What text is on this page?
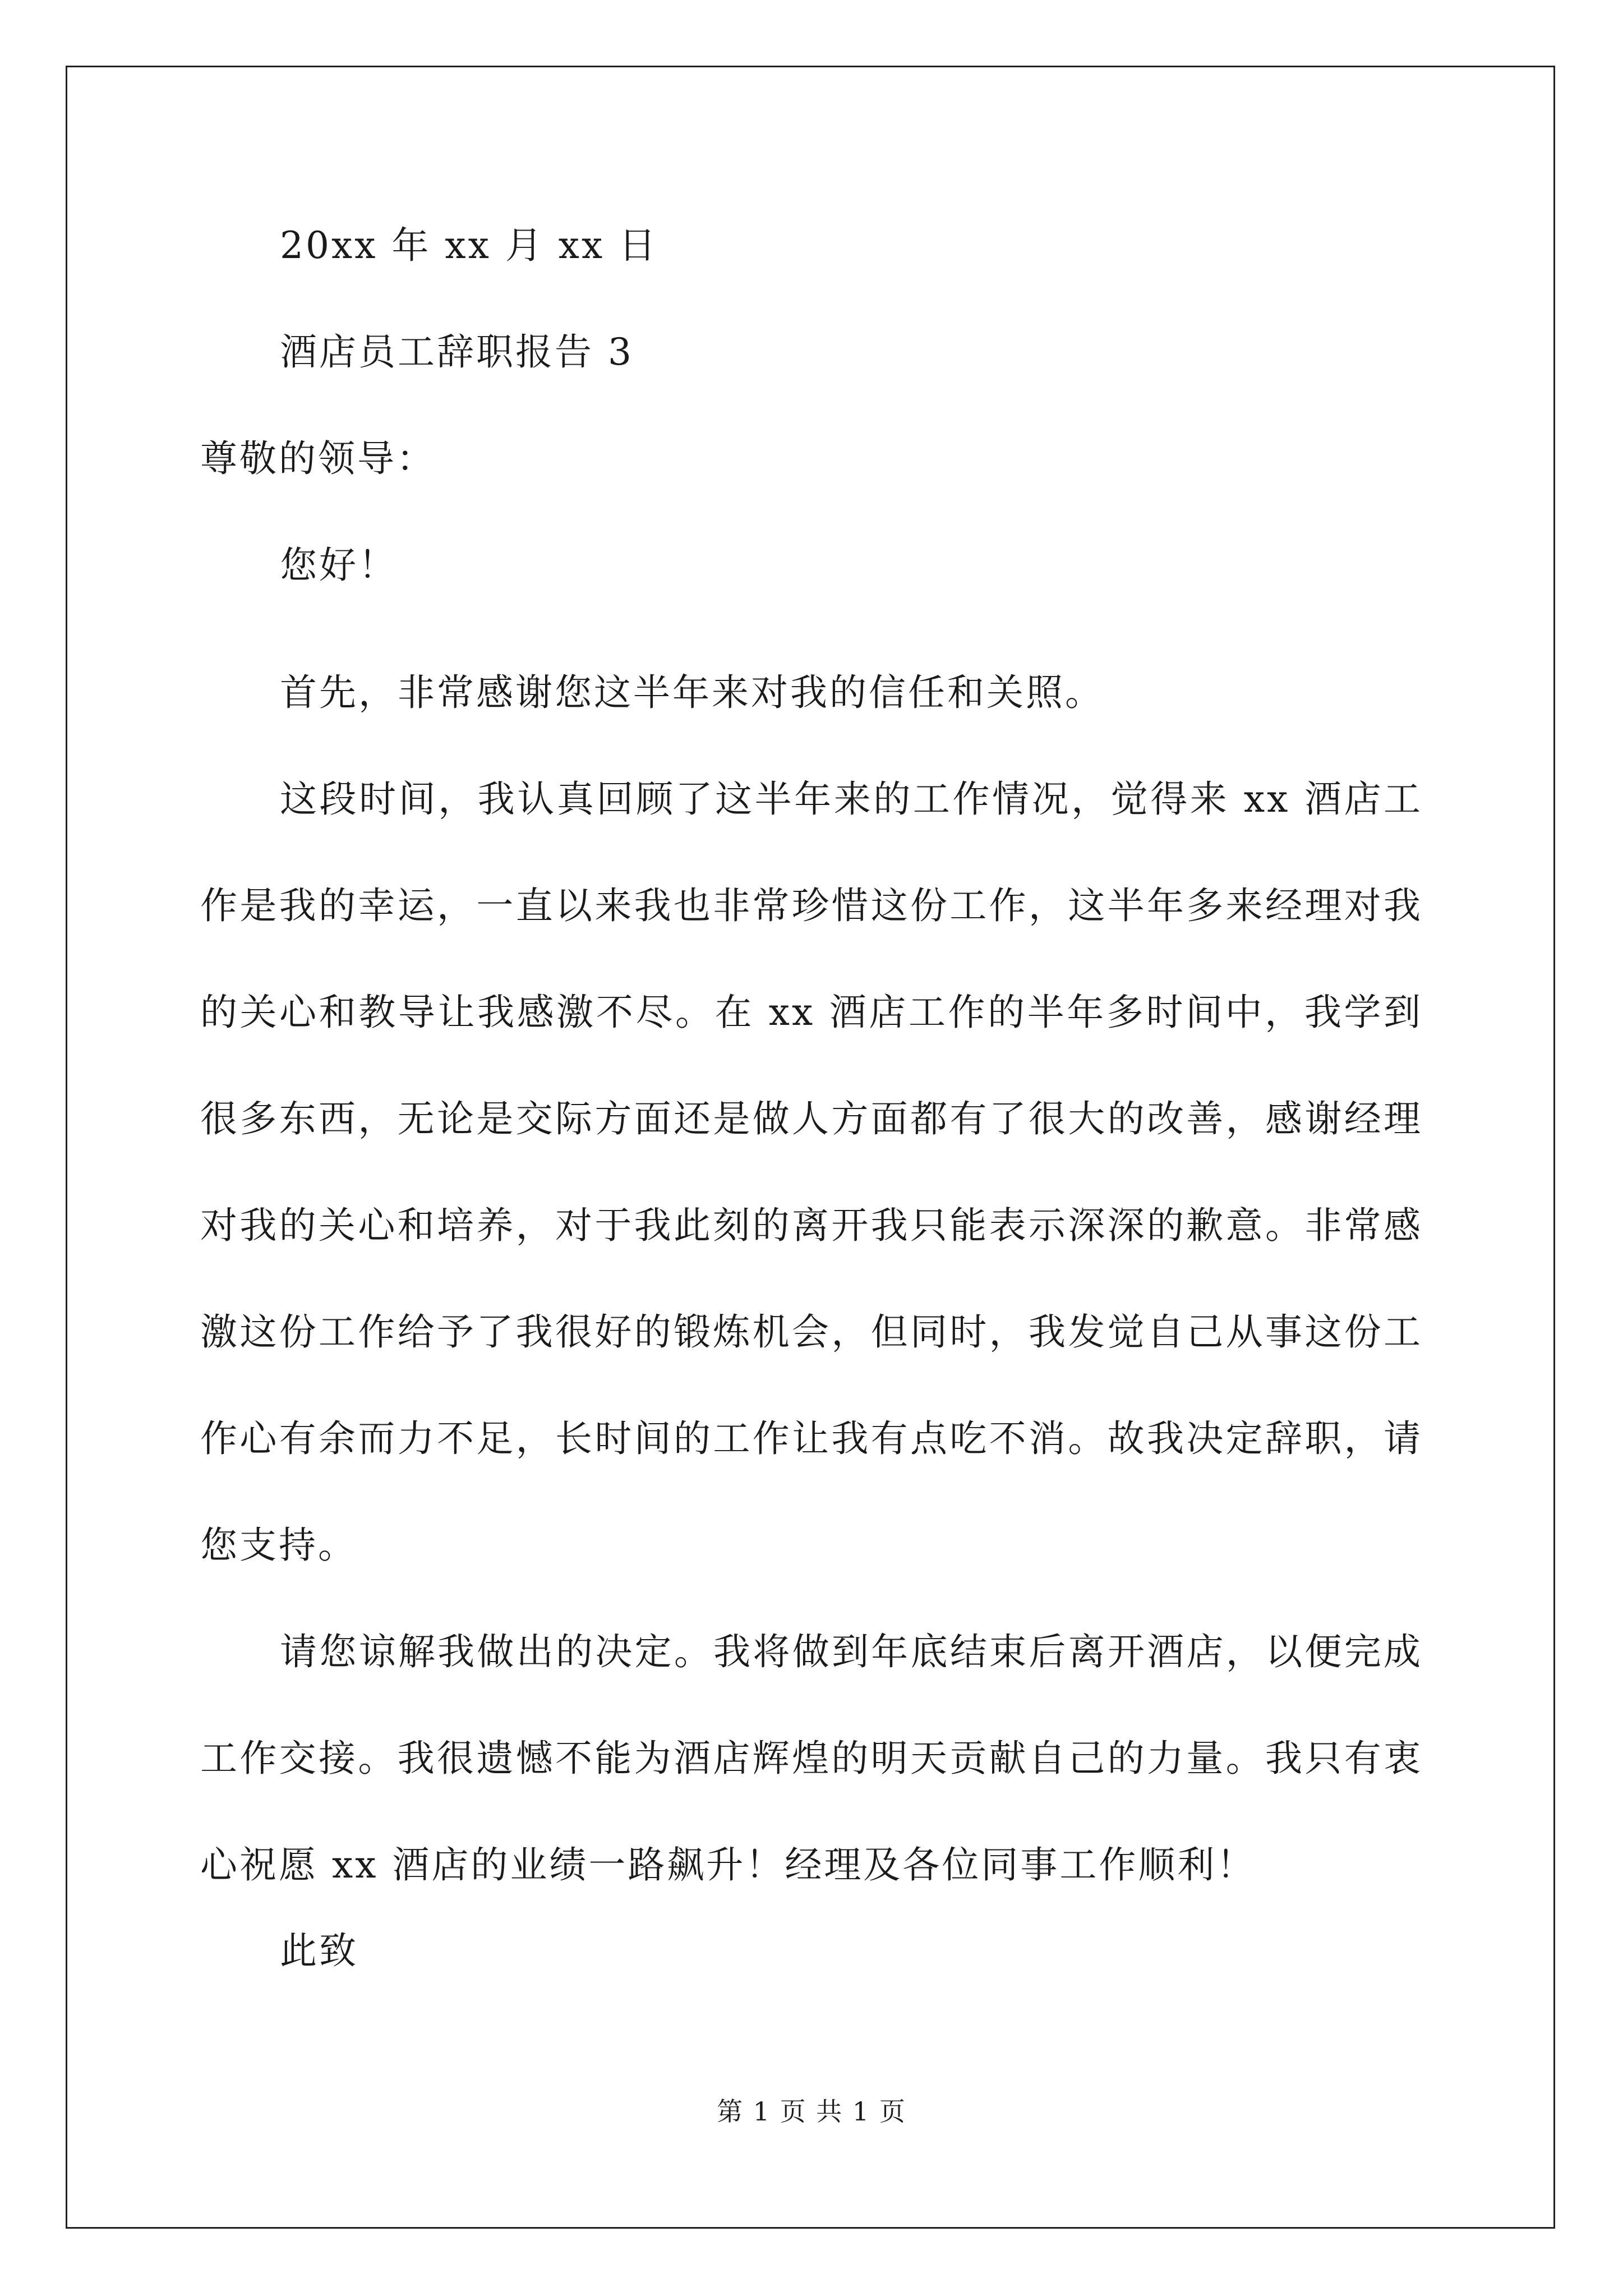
20xx 年 xx 月 xx 日
酒店员工辞职报告 3
尊敬的领导：
您好！

首先，非常感谢您这半年来对我的信任和关照。

这段时间，我认真回顾了这半年来的工作情况，觉得来 xx 酒店工作是我的幸运，一直以来我也非常珍惜这份工作，这半年多来经理对我的关心和教导让我感激不尽。在 xx 酒店工作的半年多时间中，我学到很多东西，无论是交际方面还是做人方面都有了很大的改善，感谢经理对我的关心和培养，对于我此刻的离开我只能表示深深的歉意。非常感激这份工作给予了我很好的锻炼机会，但同时，我发觉自己从事这份工作心有余而力不足，长时间的工作让我有点吃不消。故我决定辞职，请您支持。

请您谅解我做出的决定。我将做到年底结束后离开酒店，以便完成工作交接。我很遗憾不能为酒店辉煌的明天贡献自己的力量。我只有衷心祝愿 xx 酒店的业绩一路飙升！经理及各位同事工作顺利！

此致
第 1 页 共 1 页
